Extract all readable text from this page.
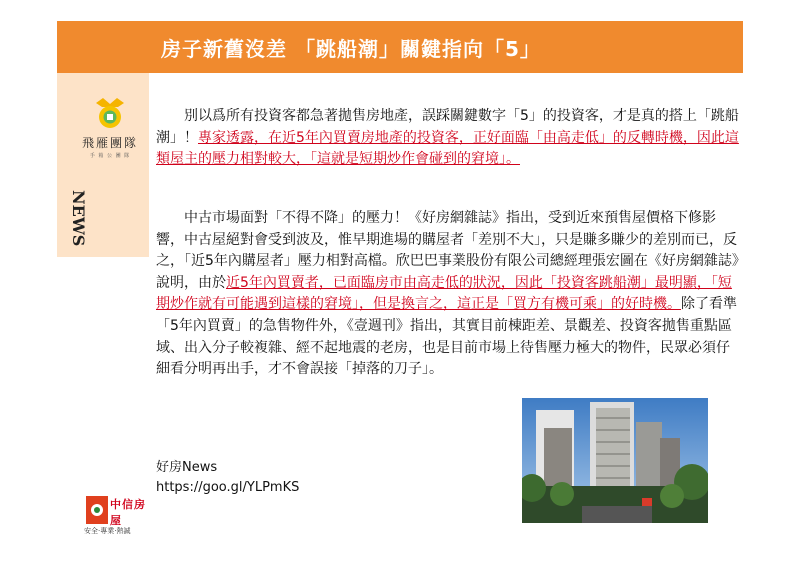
房子新舊沒差 「跳船潮」關鍵指向「5」
飛雁團隊
手 箱 公 團 隊
NEWS

別以爲所有投資客都急著拋售房地產，誤踩關鍵數字「5」的投資客，才是真的搭上「跳船潮」！專家透露，在近5年內買賣房地產的投資客，正好面臨「由高走低」的反轉時機，因此這類屋主的壓力相對較大，「這就是短期炒作會碰到的窘境」。

中古市場面對「不得不降」的壓力！《好房網雜誌》指出，受到近來預售屋價格下修影響，中古屋絕對會受到波及，惟早期進場的購屋者「差別不大」，只是賺多賺少的差別而已，反之，「近5年內購屋者」壓力相對高檔。欣巴巴事業股份有限公司總經理張宏圖在《好房網雜誌》說明，由於近5年內買賣者，已面臨房市由高走低的狀況，因此「投資客跳船潮」最明顯，「短期炒作就有可能遇到這樣的窘境」，但是換言之，這正是「買方有機可乘」的好時機。除了看準「5年內買賣」的急售物件外，《壹週刊》指出，其實目前棟距差、景觀差、投資客拋售重點區域、出入分子較複雜、經不起地震的老房，也是目前市場上待售壓力極大的物件，民眾必須仔細看分明再出手，才不會誤接「掉落的刀子」。

好房News
https://goo.gl/YLPmKS
中信房屋
安全‧專業‧熱誠
